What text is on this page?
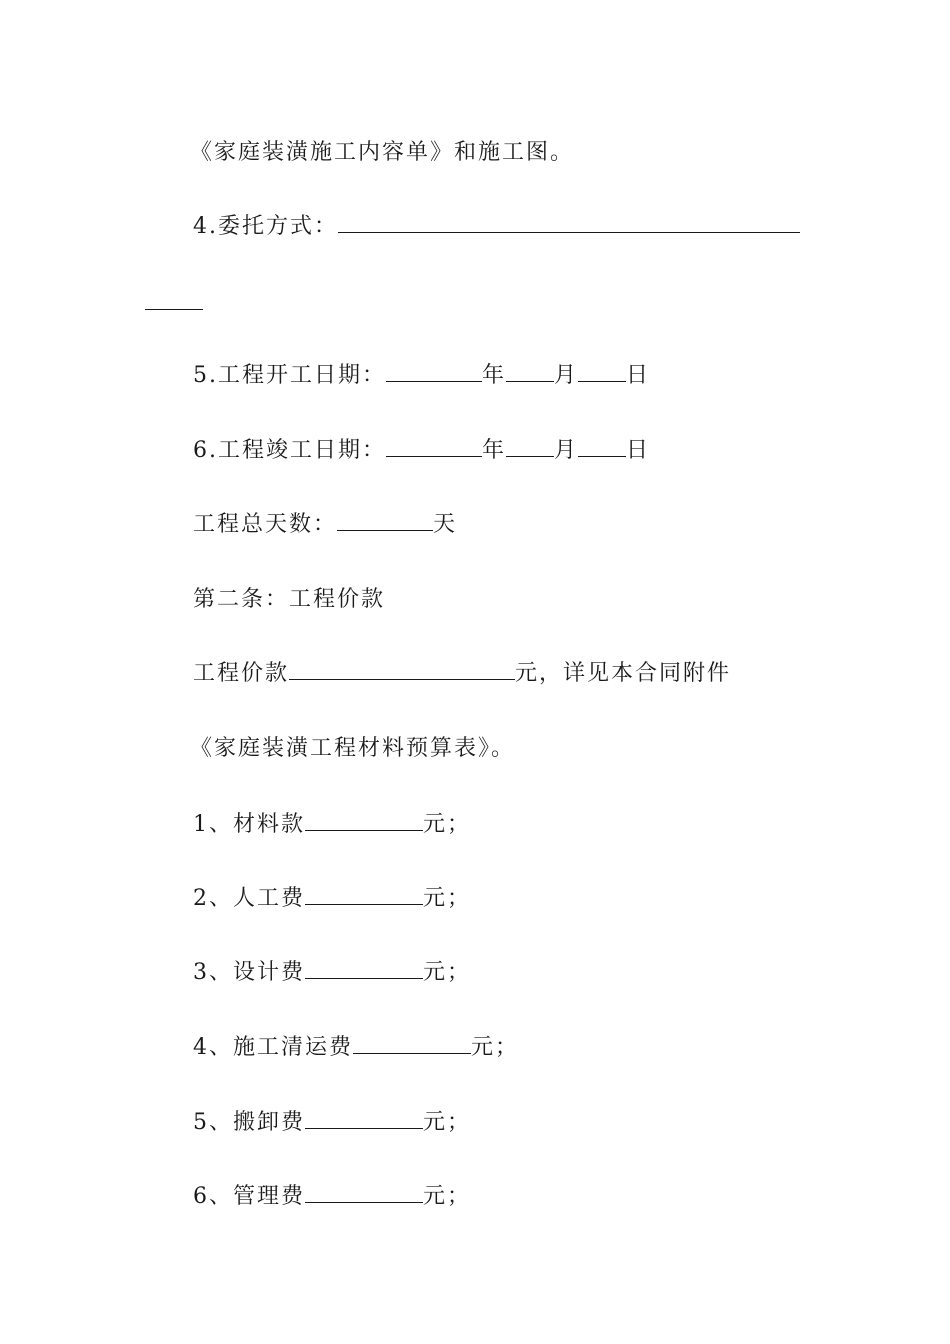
《家庭装潢施工内容单》和施工图。
4.委托方式：
5.工程开工日期：	年 月 日
6.工程竣工日期：	年 月 日
工程总天数：	天
第二条：工程价款
工程价款	元，详见本合同附件
《家庭装潢工程材料预算表》。
1、材料款	元；
2、人工费	元；
3、设计费	元；
4、施工清运费	元；
5、搬卸费	元；
6、管理费	元；
